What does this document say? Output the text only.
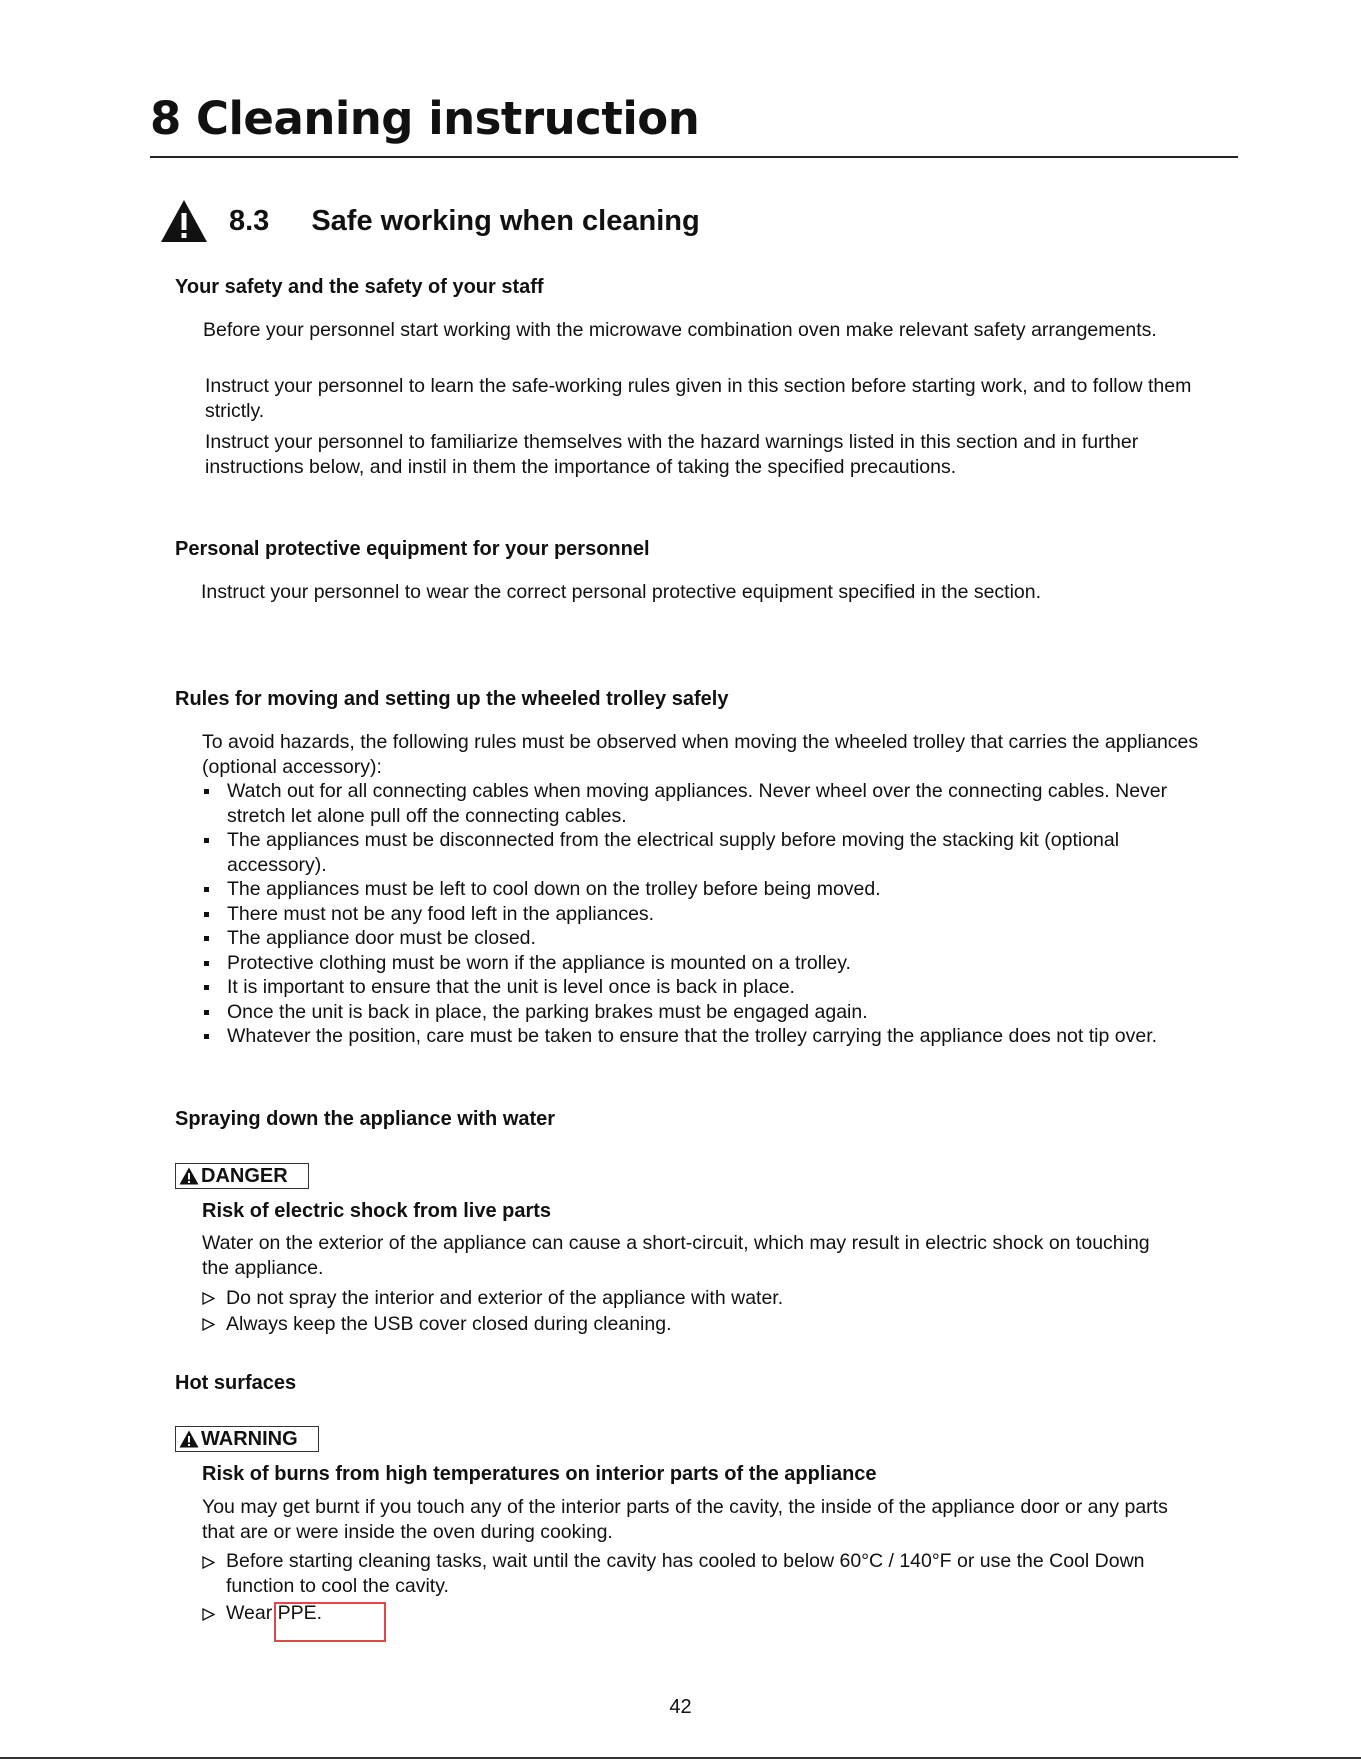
8 Cleaning instruction
8.3 Safe working when cleaning
Your safety and the safety of your staff

Before your personnel start working with the microwave combination oven make relevant safety arrangements.

Instruct your personnel to learn the safe-working rules given in this section before starting work, and to follow them strictly.

Instruct your personnel to familiarize themselves with the hazard warnings listed in this section and in further instructions below, and instil in them the importance of taking the specified precautions.

Personal protective equipment for your personnel

Instruct your personnel to wear the correct personal protective equipment specified in the section.

Rules for moving and setting up the wheeled trolley safely

To avoid hazards, the following rules must be observed when moving the wheeled trolley that carries the appliances (optional accessory):

Watch out for all connecting cables when moving appliances. Never wheel over the connecting cables. Never stretch let alone pull off the connecting cables.
The appliances must be disconnected from the electrical supply before moving the stacking kit (optional accessory).
The appliances must be left to cool down on the trolley before being moved.
There must not be any food left in the appliances.
The appliance door must be closed.
Protective clothing must be worn if the appliance is mounted on a trolley.
It is important to ensure that the unit is level once is back in place.
Once the unit is back in place, the parking brakes must be engaged again.
Whatever the position, care must be taken to ensure that the trolley carrying the appliance does not tip over.
Spraying down the appliance with water
DANGER
Risk of electric shock from live parts

Water on the exterior of the appliance can cause a short-circuit, which may result in electric shock on touching the appliance.

Do not spray the interior and exterior of the appliance with water.
Always keep the USB cover closed during cleaning.
Hot surfaces
WARNING
Risk of burns from high temperatures on interior parts of the appliance

You may get burnt if you touch any of the interior parts of the cavity, the inside of the appliance door or any parts that are or were inside the oven during cooking.

Before starting cleaning tasks, wait until the cavity has cooled to below 60°C / 140°F or use the Cool Down function to cool the cavity.
Wear PPE.
42
